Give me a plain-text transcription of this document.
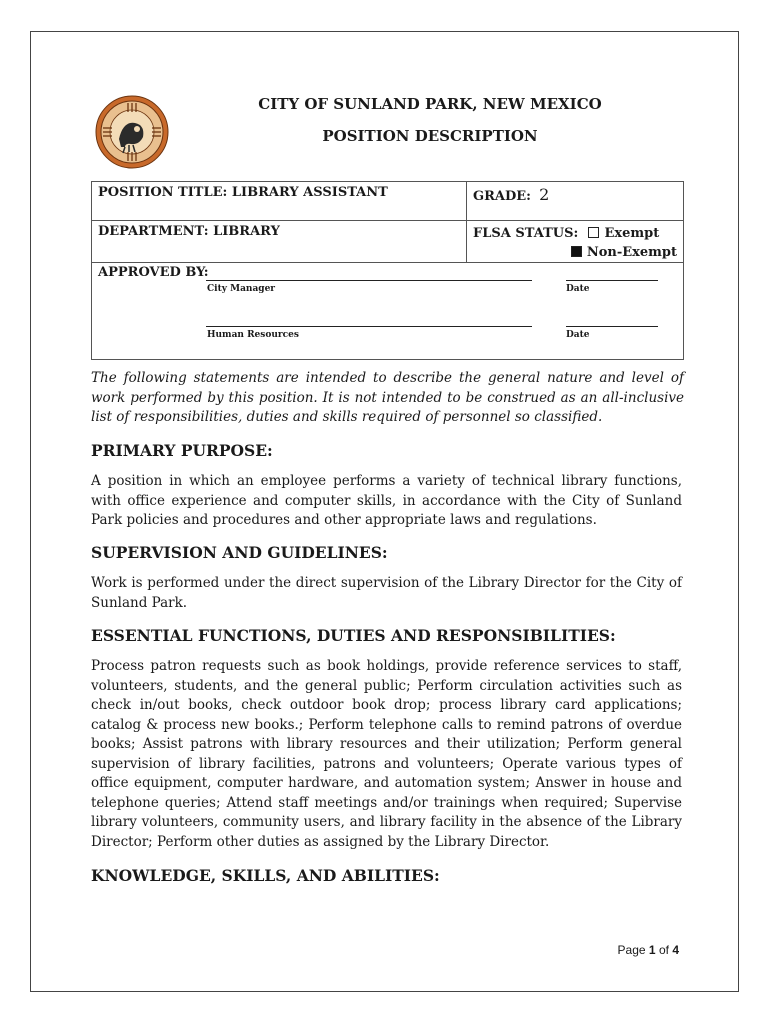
CITY OF SUNLAND PARK, NEW MEXICO
POSITION DESCRIPTION
POSITION TITLE: LIBRARY ASSISTANT	GRADE: 2
DEPARTMENT: LIBRARY	FLSA STATUS: Exempt
Non-Exempt

APPROVED BY:
City Manager Date
Human Resources Date	
The following statements are intended to describe the general nature and level of work performed by this position. It is not intended to be construed as an all-inclusive list of responsibilities, duties and skills required of personnel so classified.
PRIMARY PURPOSE:
A position in which an employee performs a variety of technical library functions, with office experience and computer skills, in accordance with the City of Sunland Park policies and procedures and other appropriate laws and regulations.
SUPERVISION AND GUIDELINES:
Work is performed under the direct supervision of the Library Director for the City of Sunland Park.
ESSENTIAL FUNCTIONS, DUTIES AND RESPONSIBILITIES:
Process patron requests such as book holdings, provide reference services to staff, volunteers, students, and the general public; Perform circulation activities such as check in/out books, check outdoor book drop; process library card applications; catalog & process new books.; Perform telephone calls to remind patrons of overdue books; Assist patrons with library resources and their utilization; Perform general supervision of library facilities, patrons and volunteers; Operate various types of office equipment, computer hardware, and automation system; Answer in house and telephone queries; Attend staff meetings and/or trainings when required; Supervise library volunteers, community users, and library facility in the absence of the Library Director; Perform other duties as assigned by the Library Director.
KNOWLEDGE, SKILLS, AND ABILITIES:
Page 1 of 4
